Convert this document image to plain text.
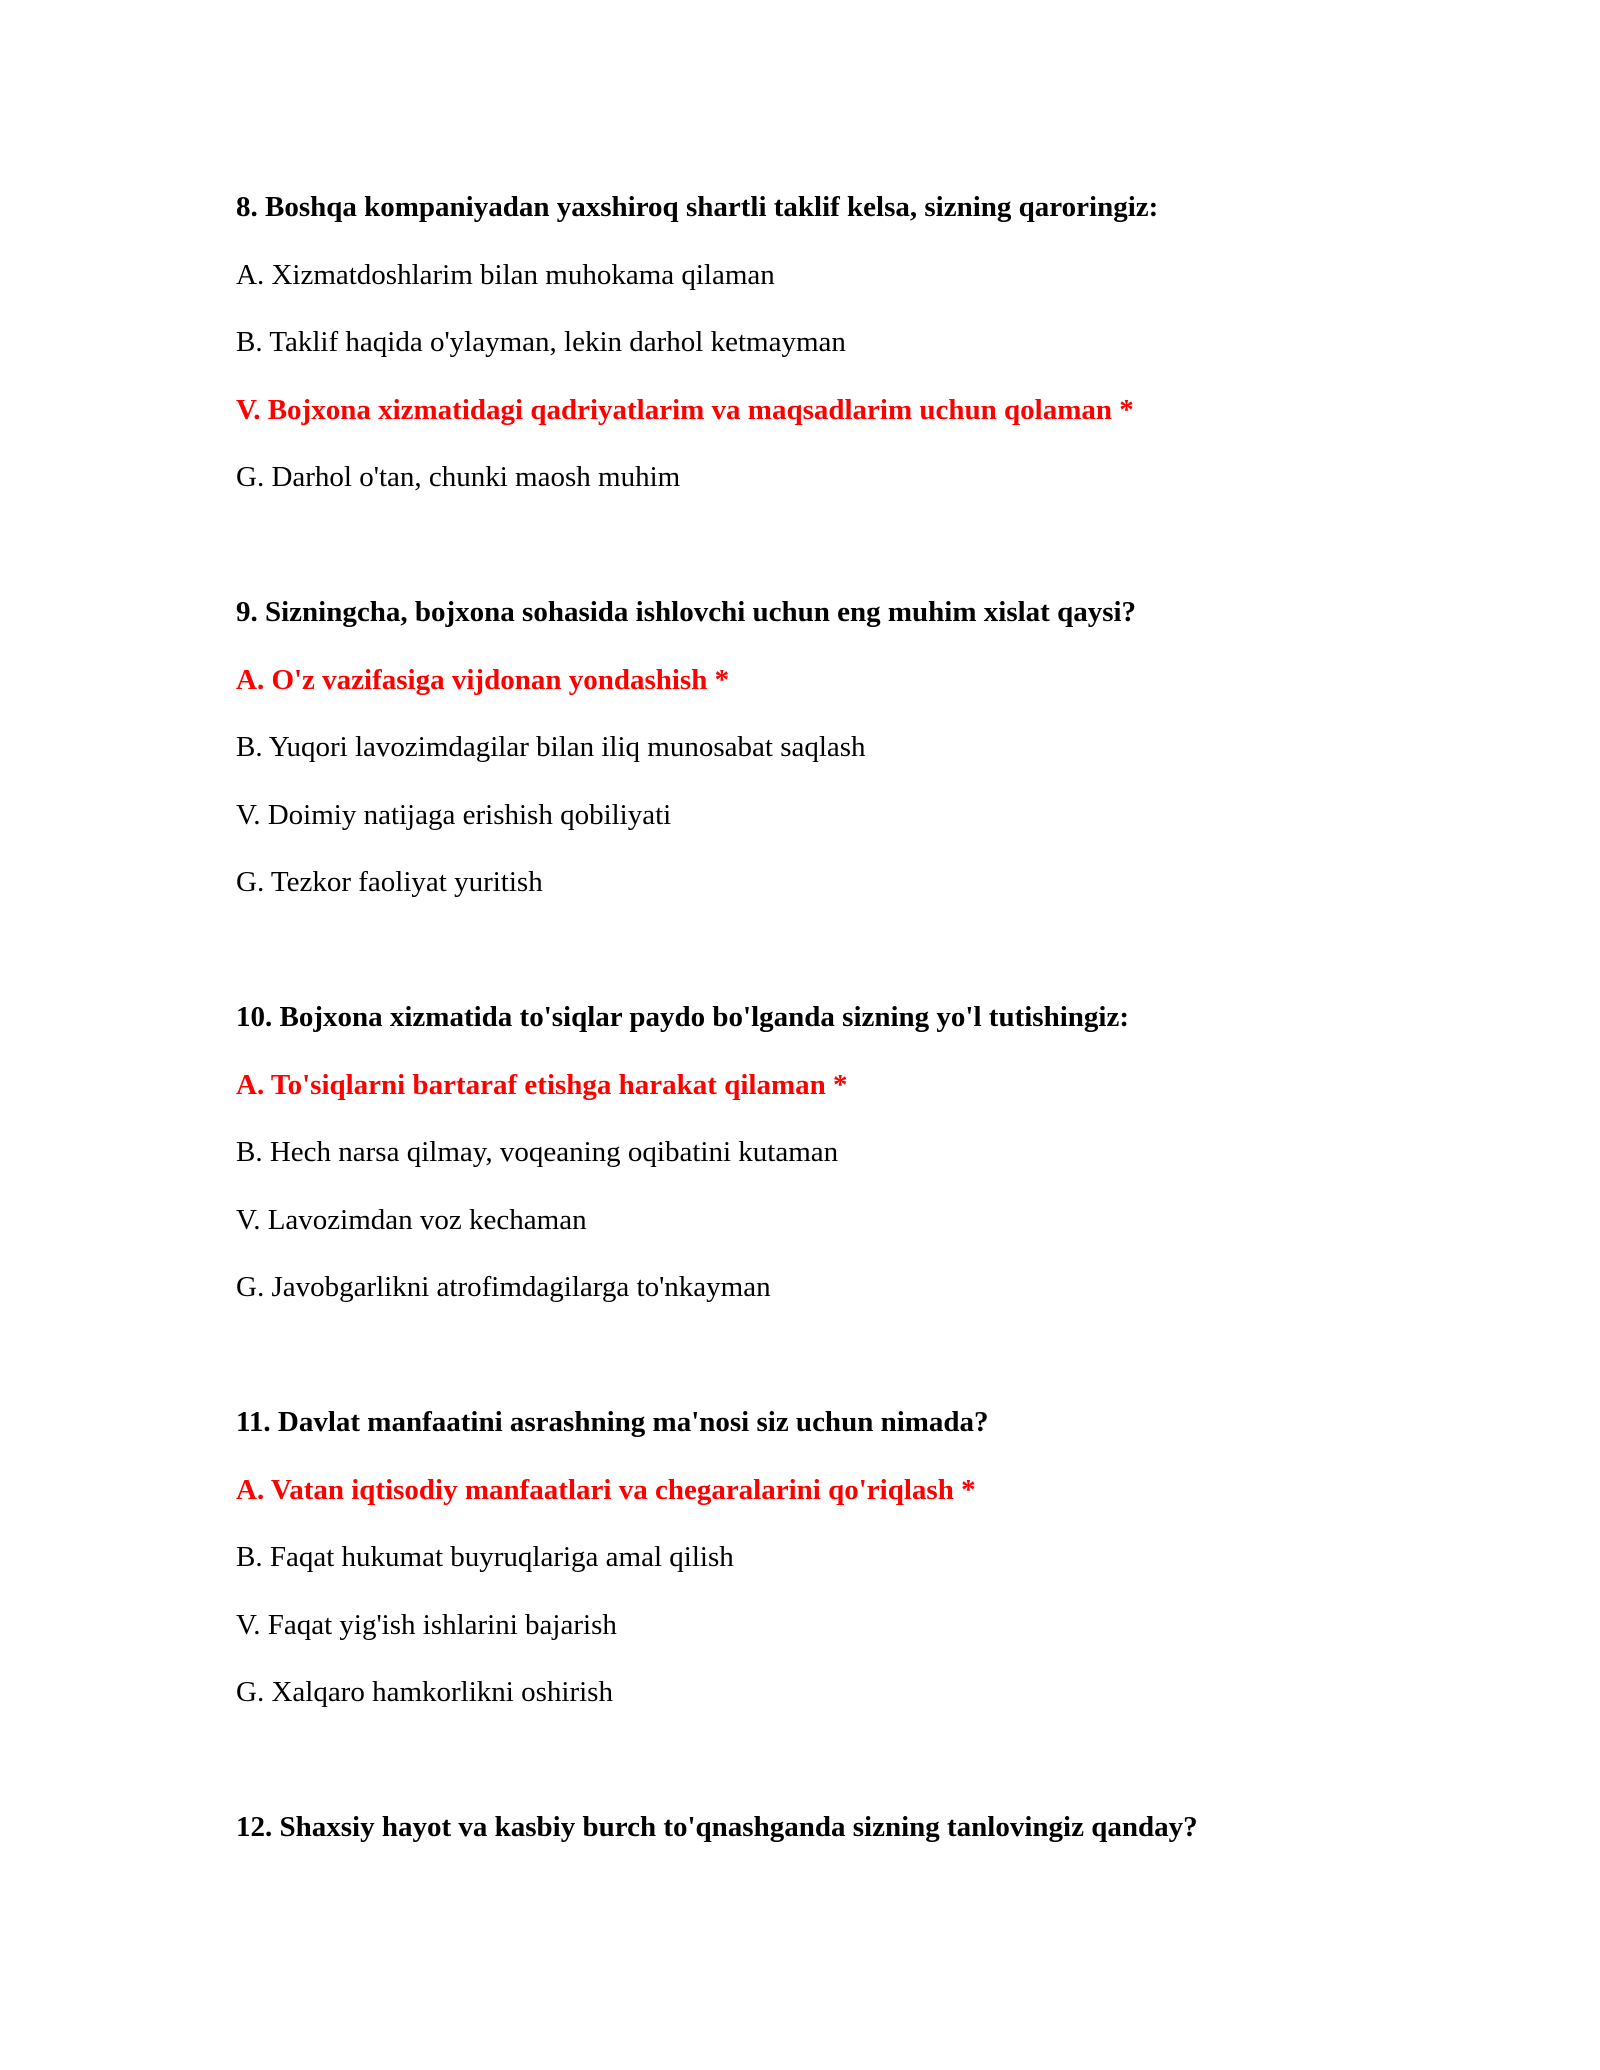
8. Boshqa kompaniyadan yaxshiroq shartli taklif kelsa, sizning qaroringiz:

A. Xizmatdoshlarim bilan muhokama qilaman

B. Taklif haqida o'ylayman, lekin darhol ketmayman

V. Bojxona xizmatidagi qadriyatlarim va maqsadlarim uchun qolaman *

G. Darhol o'tan, chunki maosh muhim

9. Sizningcha, bojxona sohasida ishlovchi uchun eng muhim xislat qaysi?

A. O'z vazifasiga vijdonan yondashish *

B. Yuqori lavozimdagilar bilan iliq munosabat saqlash

V. Doimiy natijaga erishish qobiliyati

G. Tezkor faoliyat yuritish

10. Bojxona xizmatida to'siqlar paydo bo'lganda sizning yo'l tutishingiz:

A. To'siqlarni bartaraf etishga harakat qilaman *

B. Hech narsa qilmay, voqeaning oqibatini kutaman

V. Lavozimdan voz kechaman

G. Javobgarlikni atrofimdagilarga to'nkayman

11. Davlat manfaatini asrashning ma'nosi siz uchun nimada?

A. Vatan iqtisodiy manfaatlari va chegaralarini qo'riqlash *

B. Faqat hukumat buyruqlariga amal qilish

V. Faqat yig'ish ishlarini bajarish

G. Xalqaro hamkorlikni oshirish

12. Shaxsiy hayot va kasbiy burch to'qnashganda sizning tanlovingiz qanday?
